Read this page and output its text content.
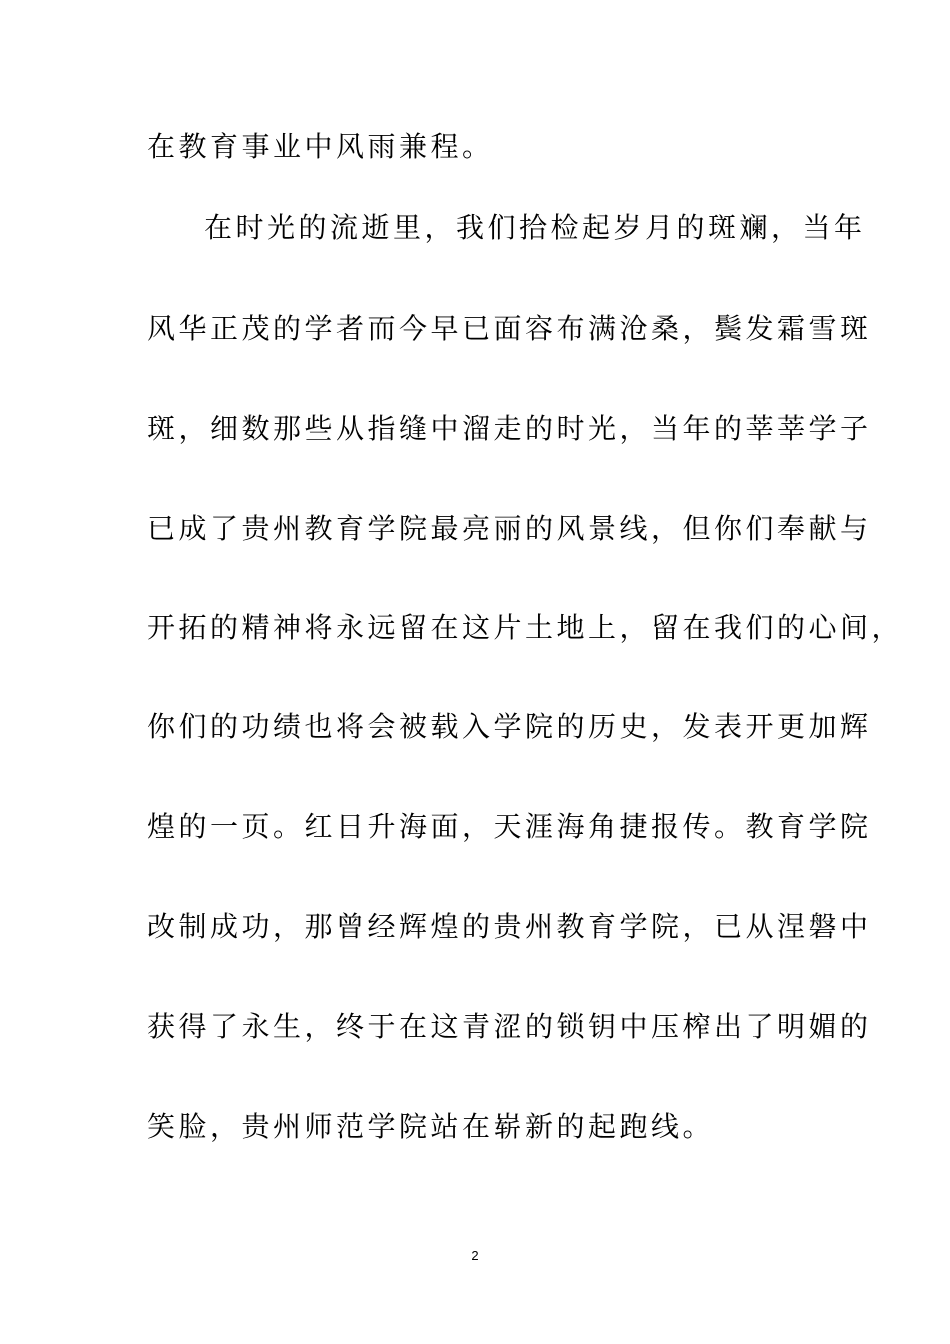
在教育事业中风雨兼程。
在时光的流逝里，我们拾检起岁月的斑斓，当年
风华正茂的学者而今早已面容布满沧桑，鬓发霜雪斑
斑，细数那些从指缝中溜走的时光，当年的莘莘学子
已成了贵州教育学院最亮丽的风景线，但你们奉献与
开拓的精神将永远留在这片土地上，留在我们的心间，
你们的功绩也将会被载入学院的历史，发表开更加辉
煌的一页。红日升海面，天涯海角捷报传。教育学院
改制成功，那曾经辉煌的贵州教育学院，已从涅磐中
获得了永生，终于在这青涩的锁钥中压榨出了明媚的
笑脸，贵州师范学院站在崭新的起跑线。
2
